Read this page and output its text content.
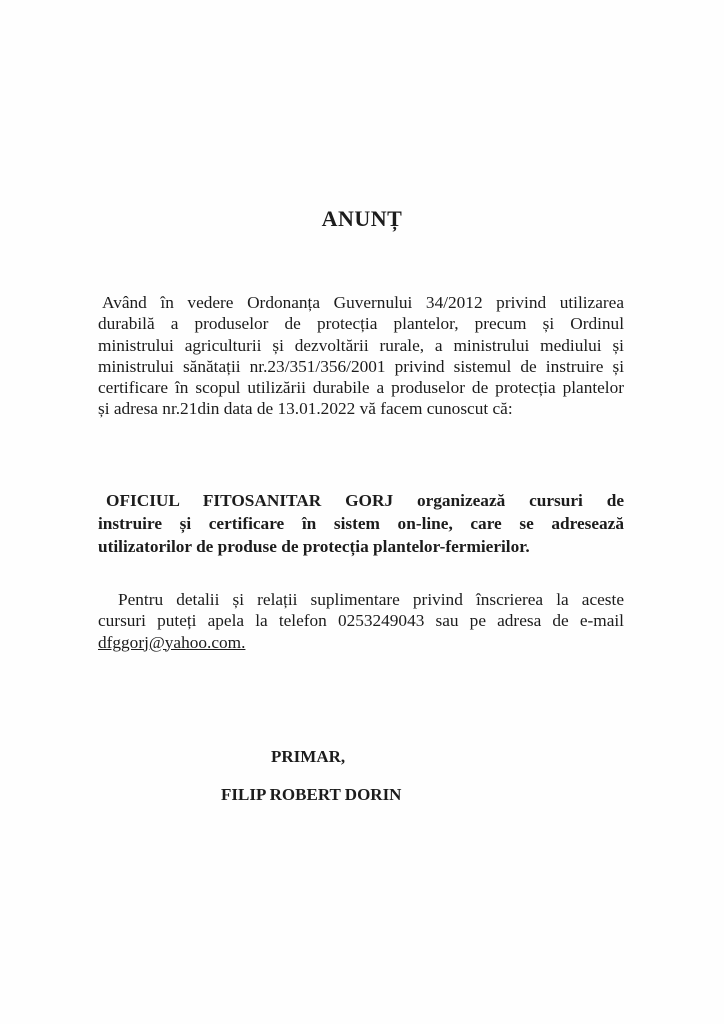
ANUNȚ
Având în vedere Ordonanța Guvernului 34/2012 privind utilizarea
durabilă a produselor de protecția plantelor, precum și Ordinul
ministrului agriculturii și dezvoltării rurale, a ministrului mediului și
ministrului sănătații nr.23/351/356/2001 privind sistemul de instruire și
certificare în scopul utilizării durabile a produselor de protecția plantelor
și adresa nr.21din data de 13.01.2022 vă facem cunoscut că:
OFICIUL FITOSANITAR GORJ organizează cursuri de
instruire și certificare în sistem on-line, care se adresează
utilizatorilor de produse de protecția plantelor-fermierilor.
Pentru detalii și relații suplimentare privind înscrierea la aceste
cursuri puteți apela la telefon 0253249043 sau pe adresa de e-mail
dfggorj@yahoo.com.
PRIMAR,
FILIP ROBERT DORIN
